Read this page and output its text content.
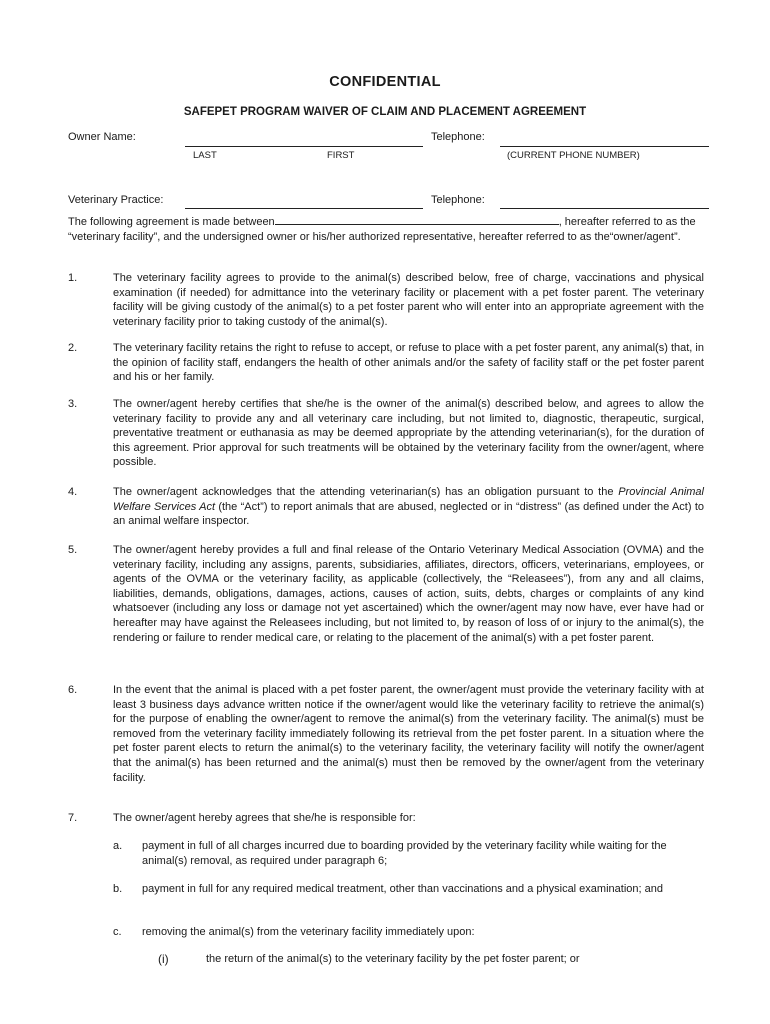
CONFIDENTIAL
SAFEPET PROGRAM WAIVER OF CLAIM AND PLACEMENT AGREEMENT
Owner Name:	Telephone:
LAST	FIRST	(CURRENT PHONE NUMBER)
Veterinary Practice:	Telephone:
The following agreement is made between	, hereafter referred to as the “veterinary facility”, and the undersigned owner or his/her authorized representative, hereafter referred to as the“owner/agent”.
1.	The veterinary facility agrees to provide to the animal(s) described below, free of charge, vaccinations and physical examination (if needed) for admittance into the veterinary facility or placement with a pet foster parent. The veterinary facility will be giving custody of the animal(s) to a pet foster parent who will enter into an appropriate agreement with the veterinary facility prior to taking custody of the animal(s).
2.	The veterinary facility retains the right to refuse to accept, or refuse to place with a pet foster parent, any animal(s) that, in the opinion of facility staff, endangers the health of other animals and/or the safety of facility staff or the pet foster parent and his or her family.
3.	The owner/agent hereby certifies that she/he is the owner of the animal(s) described below, and agrees to allow the veterinary facility to provide any and all veterinary care including, but not limited to, diagnostic, therapeutic, surgical, preventative treatment or euthanasia as may be deemed appropriate by the attending veterinarian(s), for the duration of this agreement. Prior approval for such treatments will be obtained by the veterinary facility from the owner/agent, where possible.
4.	The owner/agent acknowledges that the attending veterinarian(s) has an obligation pursuant to the Provincial Animal Welfare Services Act (the “Act”) to report animals that are abused, neglected or in “distress” (as defined under the Act) to an animal welfare inspector.
5.	The owner/agent hereby provides a full and final release of the Ontario Veterinary Medical Association (OVMA) and the veterinary facility, including any assigns, parents, subsidiaries, affiliates, directors, officers, veterinarians, employees, or agents of the OVMA or the veterinary facility, as applicable (collectively, the “Releasees”), from any and all claims, liabilities, demands, obligations, damages, actions, causes of action, suits, debts, charges or complaints of any kind whatsoever (including any loss or damage not yet ascertained) which the owner/agent may now have, ever have had or hereafter may have against the Releasees including, but not limited to, by reason of loss of or injury to the animal(s), the rendering or failure to render medical care, or relating to the placement of the animal(s) with a pet foster parent.
6.	In the event that the animal is placed with a pet foster parent, the owner/agent must provide the veterinary facility with at least 3 business days advance written notice if the owner/agent would like the veterinary facility to retrieve the animal(s) for the purpose of enabling the owner/agent to remove the animal(s) from the veterinary facility. The animal(s) must be removed from the veterinary facility immediately following its retrieval from the pet foster parent. In a situation where the pet foster parent elects to return the animal(s) to the veterinary facility, the veterinary facility will notify the owner/agent that the animal(s) has been returned and the animal(s) must then be removed by the owner/agent from the veterinary facility.
7.	The owner/agent hereby agrees that she/he is responsible for:
a.	payment in full of all charges incurred due to boarding provided by the veterinary facility while waiting for the animal(s) removal, as required under paragraph 6;
b.	payment in full for any required medical treatment, other than vaccinations and a physical examination; and
c.	removing the animal(s) from the veterinary facility immediately upon:
(i)	the return of the animal(s) to the veterinary facility by the pet foster parent; or
